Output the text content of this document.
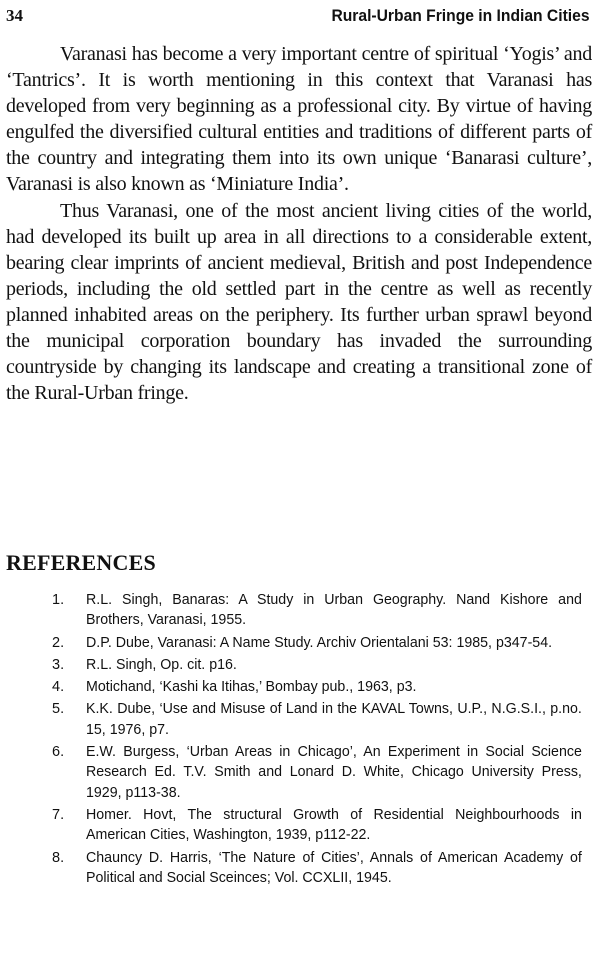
34	Rural-Urban Fringe in Indian Cities

Varanasi has become a very important centre of spiritual ‘Yogis’ and ‘Tantrics’. It is worth mentioning in this context that Varanasi has developed from very beginning as a professional city. By virtue of having engulfed the diversified cultural entities and traditions of different parts of the country and integrating them into its own unique ‘Banarasi culture’, Varanasi is also known as ‘Miniature India’.

Thus Varanasi, one of the most ancient living cities of the world, had developed its built up area in all directions to a considerable extent, bearing clear imprints of ancient medieval, British and post Independence periods, including the old settled part in the centre as well as recently planned inhabited areas on the periphery. Its further urban sprawl beyond the municipal corporation boundary has invaded the surrounding countryside by changing its landscape and creating a transitional zone of the Rural-Urban fringe.

REFERENCES
1. R.L. Singh, Banaras: A Study in Urban Geography. Nand Kishore and Brothers, Varanasi, 1955.
2. D.P. Dube, Varanasi: A Name Study. Archiv Orientalani 53: 1985, p347-54.
3. R.L. Singh, Op. cit. p16.
4. Motichand, ‘Kashi ka Itihas,’ Bombay pub., 1963, p3.
5. K.K. Dube, ‘Use and Misuse of Land in the KAVAL Towns, U.P., N.G.S.I., p.no. 15, 1976, p7.
6. E.W. Burgess, ‘Urban Areas in Chicago’, An Experiment in Social Science Research Ed. T.V. Smith and Lonard D. White, Chicago University Press, 1929, p113-38.
7. Homer. Hovt, The structural Growth of Residential Neighbourhoods in American Cities, Washington, 1939, p112-22.
8. Chauncy D. Harris, ‘The Nature of Cities’, Annals of American Academy of Political and Social Sceinces; Vol. CCXLII, 1945.
